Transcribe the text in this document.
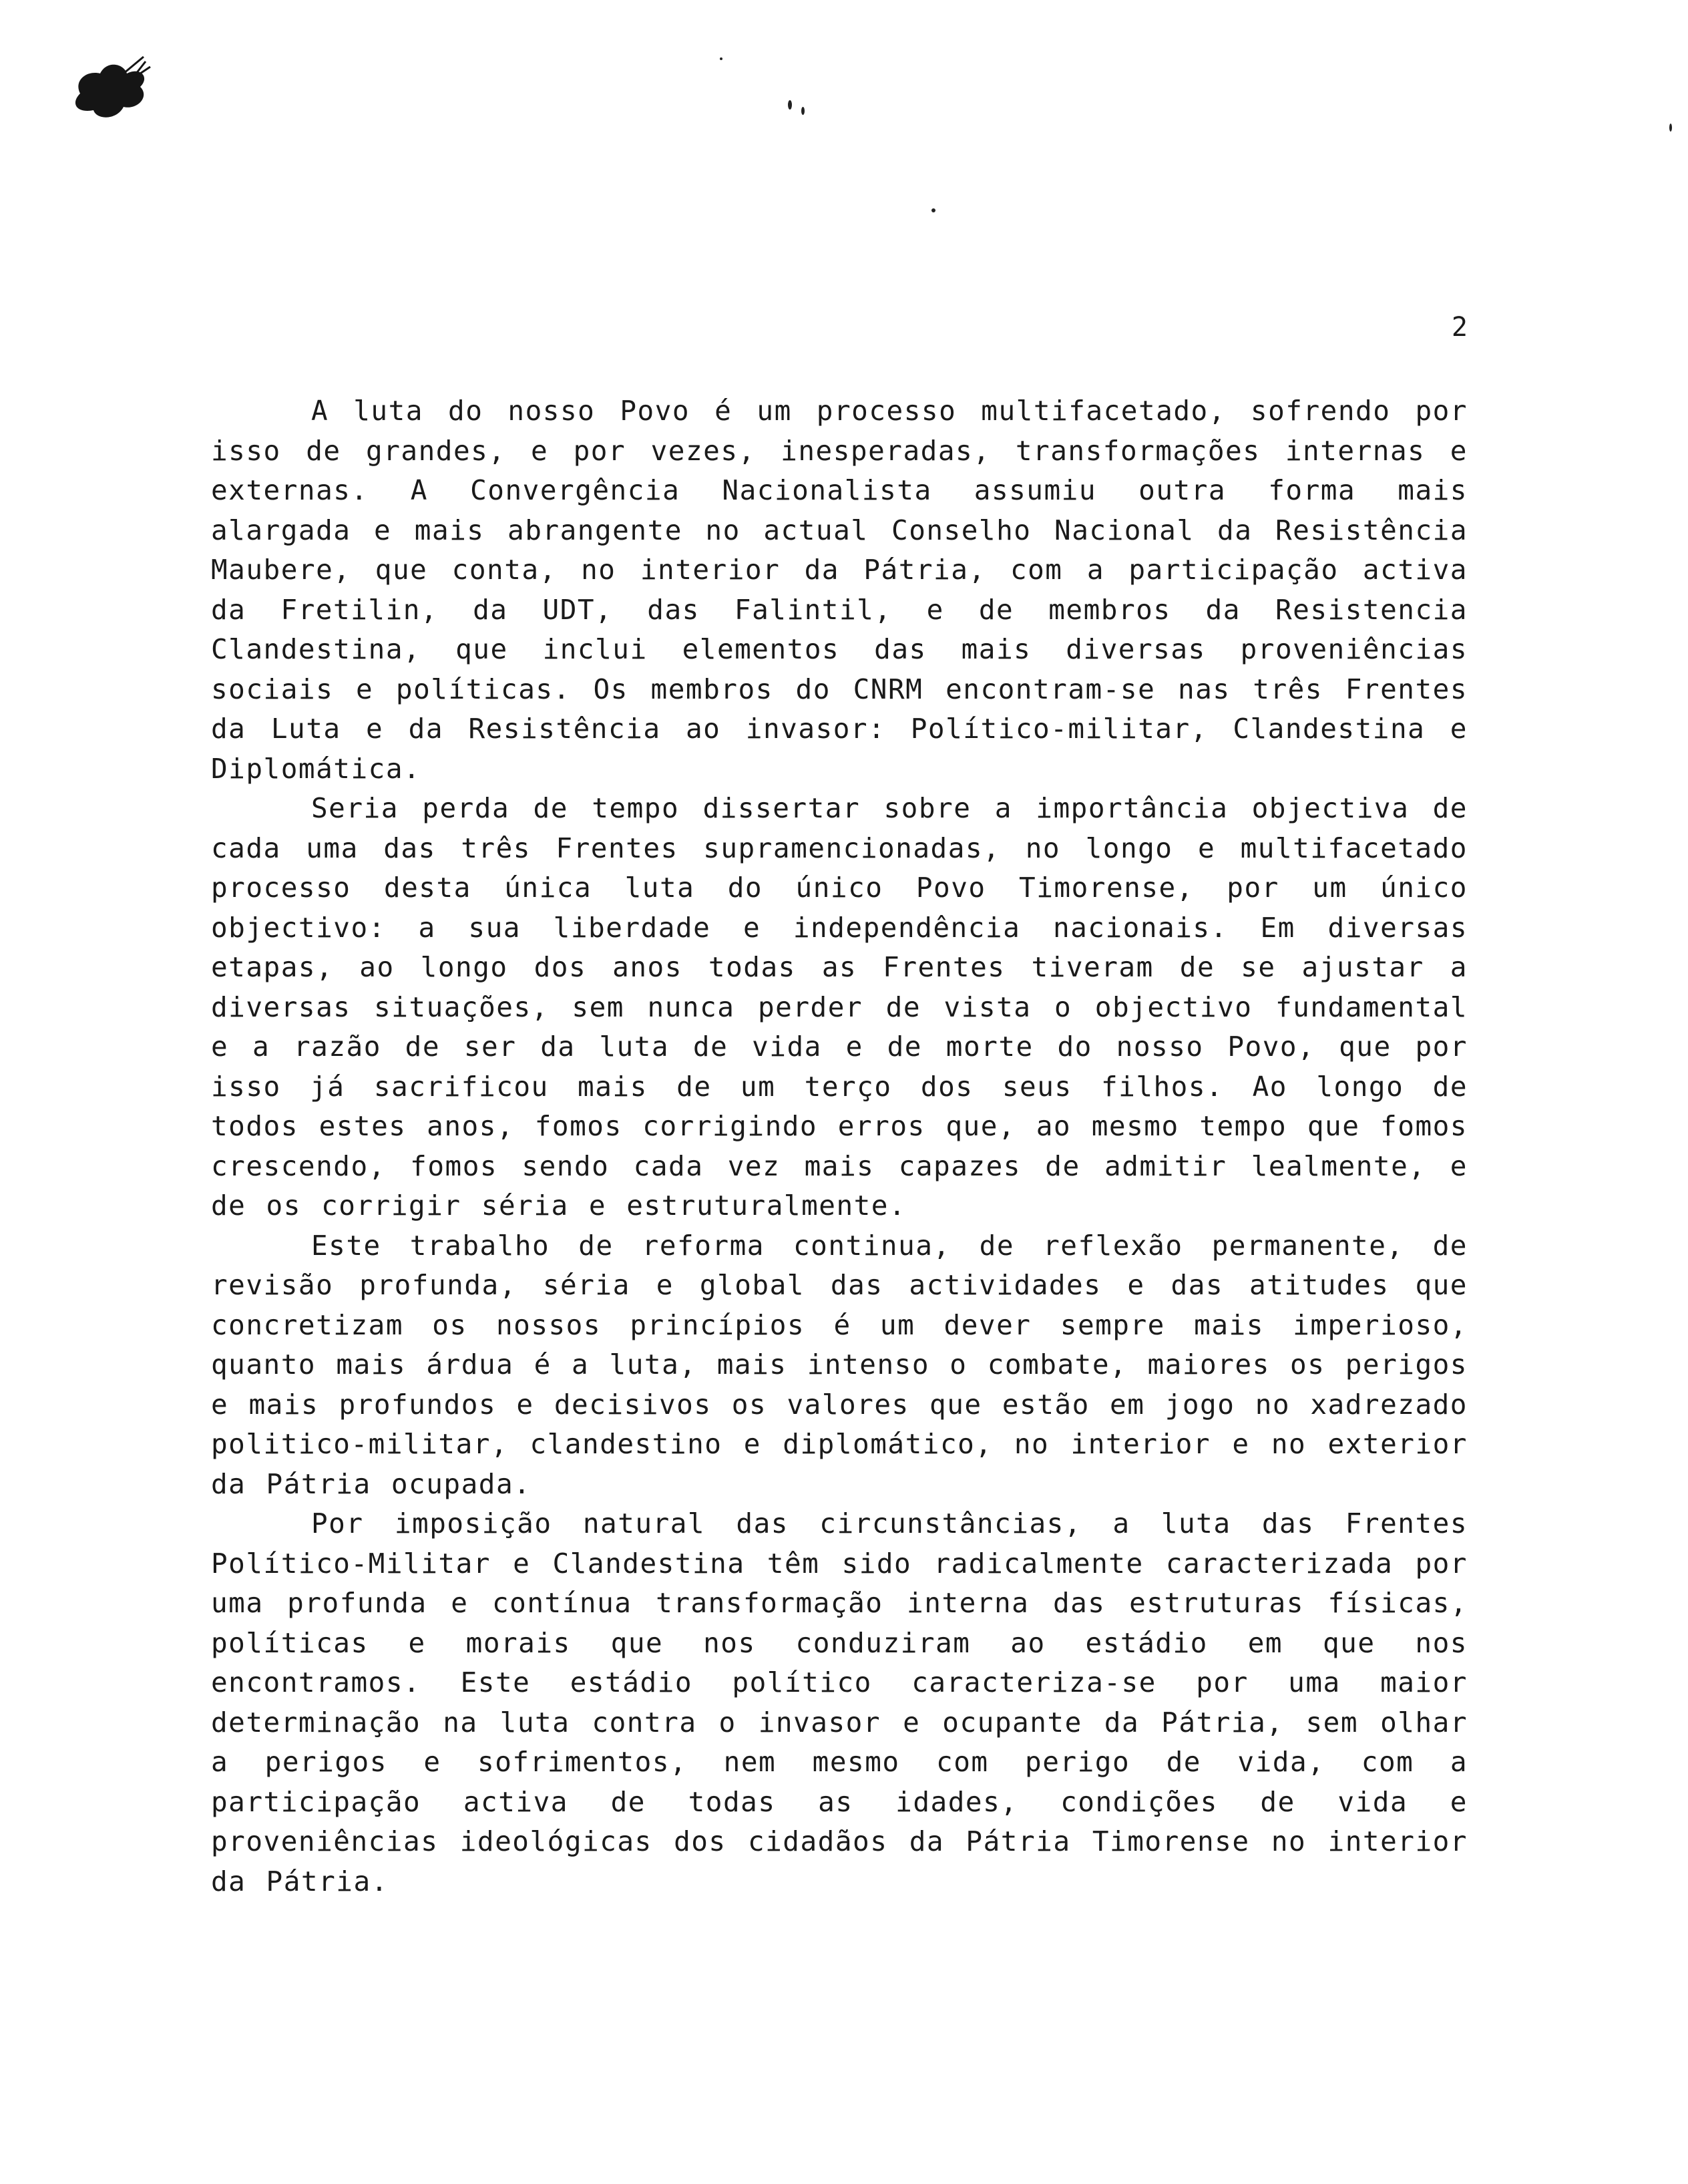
2

A luta do nosso Povo é um processo multifacetado, sofrendo por isso de grandes, e por vezes, inesperadas, transformações internas e externas. A Convergência Nacionalista assumiu outra forma mais alargada e mais abrangente no actual Conselho Nacional da Resistência Maubere, que conta, no interior da Pátria, com a participação activa da Fretilin, da UDT, das Falintil, e de membros da Resistencia Clandestina, que inclui elementos das mais diversas proveniências sociais e políticas. Os membros do CNRM encontram-se nas três Frentes da Luta e da Resistência ao invasor: Político-militar, Clandestina e Diplomática.

Seria perda de tempo dissertar sobre a importância objectiva de cada uma das três Frentes supramencionadas, no longo e multifacetado processo desta única luta do único Povo Timorense, por um único objectivo: a sua liberdade e independência nacionais. Em diversas etapas, ao longo dos anos todas as Frentes tiveram de se ajustar a diversas situações, sem nunca perder de vista o objectivo fundamental e a razão de ser da luta de vida e de morte do nosso Povo, que por isso já sacrificou mais de um terço dos seus filhos. Ao longo de todos estes anos, fomos corrigindo erros que, ao mesmo tempo que fomos crescendo, fomos sendo cada vez mais capazes de admitir lealmente, e de os corrigir séria e estruturalmente.

Este trabalho de reforma continua, de reflexão permanente, de revisão profunda, séria e global das actividades e das atitudes que concretizam os nossos princípios é um dever sempre mais imperioso, quanto mais árdua é a luta, mais intenso o combate, maiores os perigos e mais profundos e decisivos os valores que estão em jogo no xadrezado politico-militar, clandestino e diplomático, no interior e no exterior da Pátria ocupada.

Por imposição natural das circunstâncias, a luta das Frentes Político-Militar e Clandestina têm sido radicalmente caracterizada por uma profunda e contínua transformação interna das estruturas físicas, políticas e morais que nos conduziram ao estádio em que nos encontramos. Este estádio político caracteriza-se por uma maior determinação na luta contra o invasor e ocupante da Pátria, sem olhar a perigos e sofrimentos, nem mesmo com perigo de vida, com a participação activa de todas as idades, condições de vida e proveniências ideológicas dos cidadãos da Pátria Timorense no interior da Pátria.
